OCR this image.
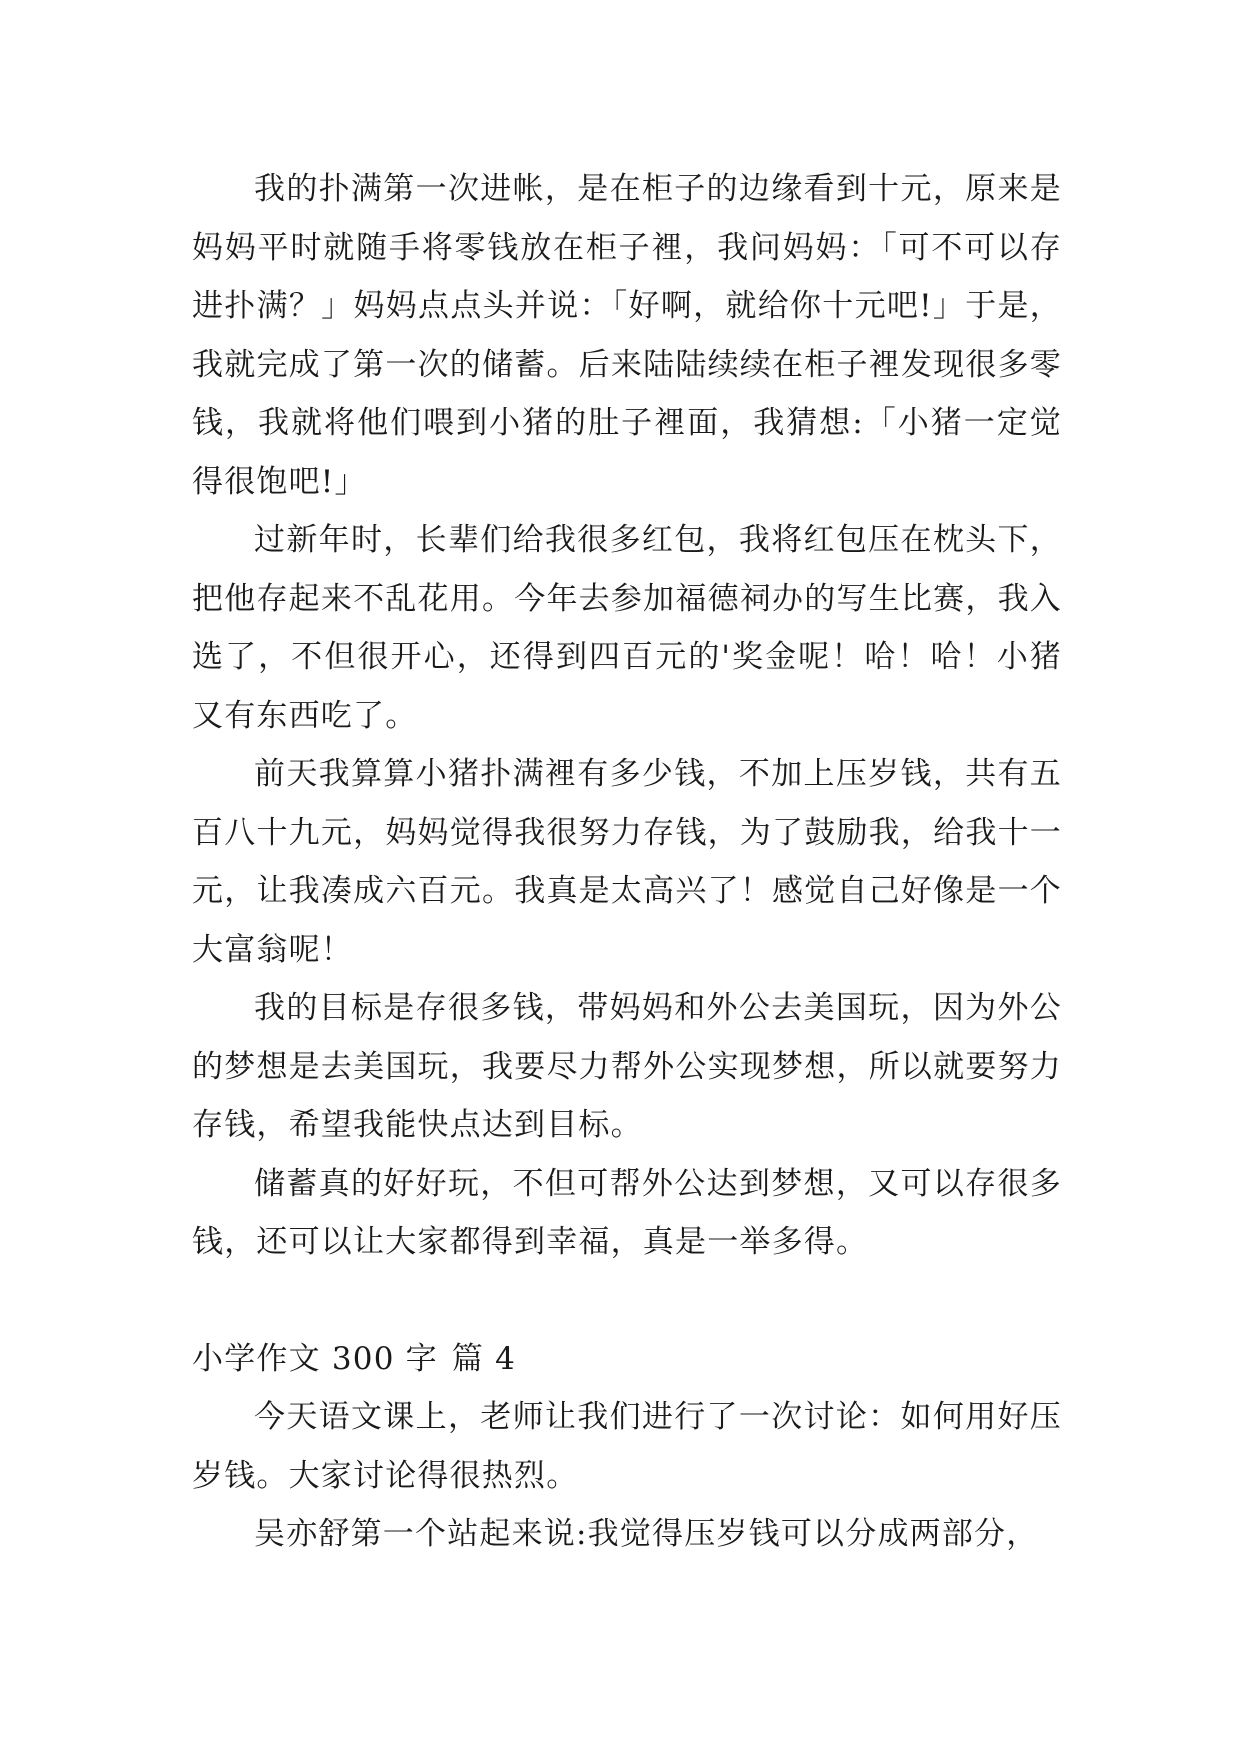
我的扑满第一次进帐，是在柜子的边缘看到十元，原来是妈妈平时就随手将零钱放在柜子裡，我问妈妈：「可不可以存进扑满？」妈妈点点头并说：「好啊，就给你十元吧!」于是，我就完成了第一次的储蓄。后来陆陆续续在柜子裡发现很多零钱，我就将他们喂到小猪的肚子裡面，我猜想:「小猪一定觉得很饱吧!」

过新年时，长辈们给我很多红包，我将红包压在枕头下，把他存起来不乱花用。今年去参加福德祠办的写生比赛，我入选了，不但很开心，还得到四百元的'奖金呢！哈！哈！小猪又有东西吃了。

前天我算算小猪扑满裡有多少钱，不加上压岁钱，共有五百八十九元，妈妈觉得我很努力存钱，为了鼓励我，给我十一元，让我凑成六百元。我真是太高兴了！感觉自己好像是一个大富翁呢！

我的目标是存很多钱，带妈妈和外公去美国玩，因为外公的梦想是去美国玩，我要尽力帮外公实现梦想，所以就要努力存钱，希望我能快点达到目标。

储蓄真的好好玩，不但可帮外公达到梦想，又可以存很多钱，还可以让大家都得到幸福，真是一举多得。

小学作文 300 字 篇 4

今天语文课上，老师让我们进行了一次讨论：如何用好压岁钱。大家讨论得很热烈。

吴亦舒第一个站起来说:我觉得压岁钱可以分成两部分，
